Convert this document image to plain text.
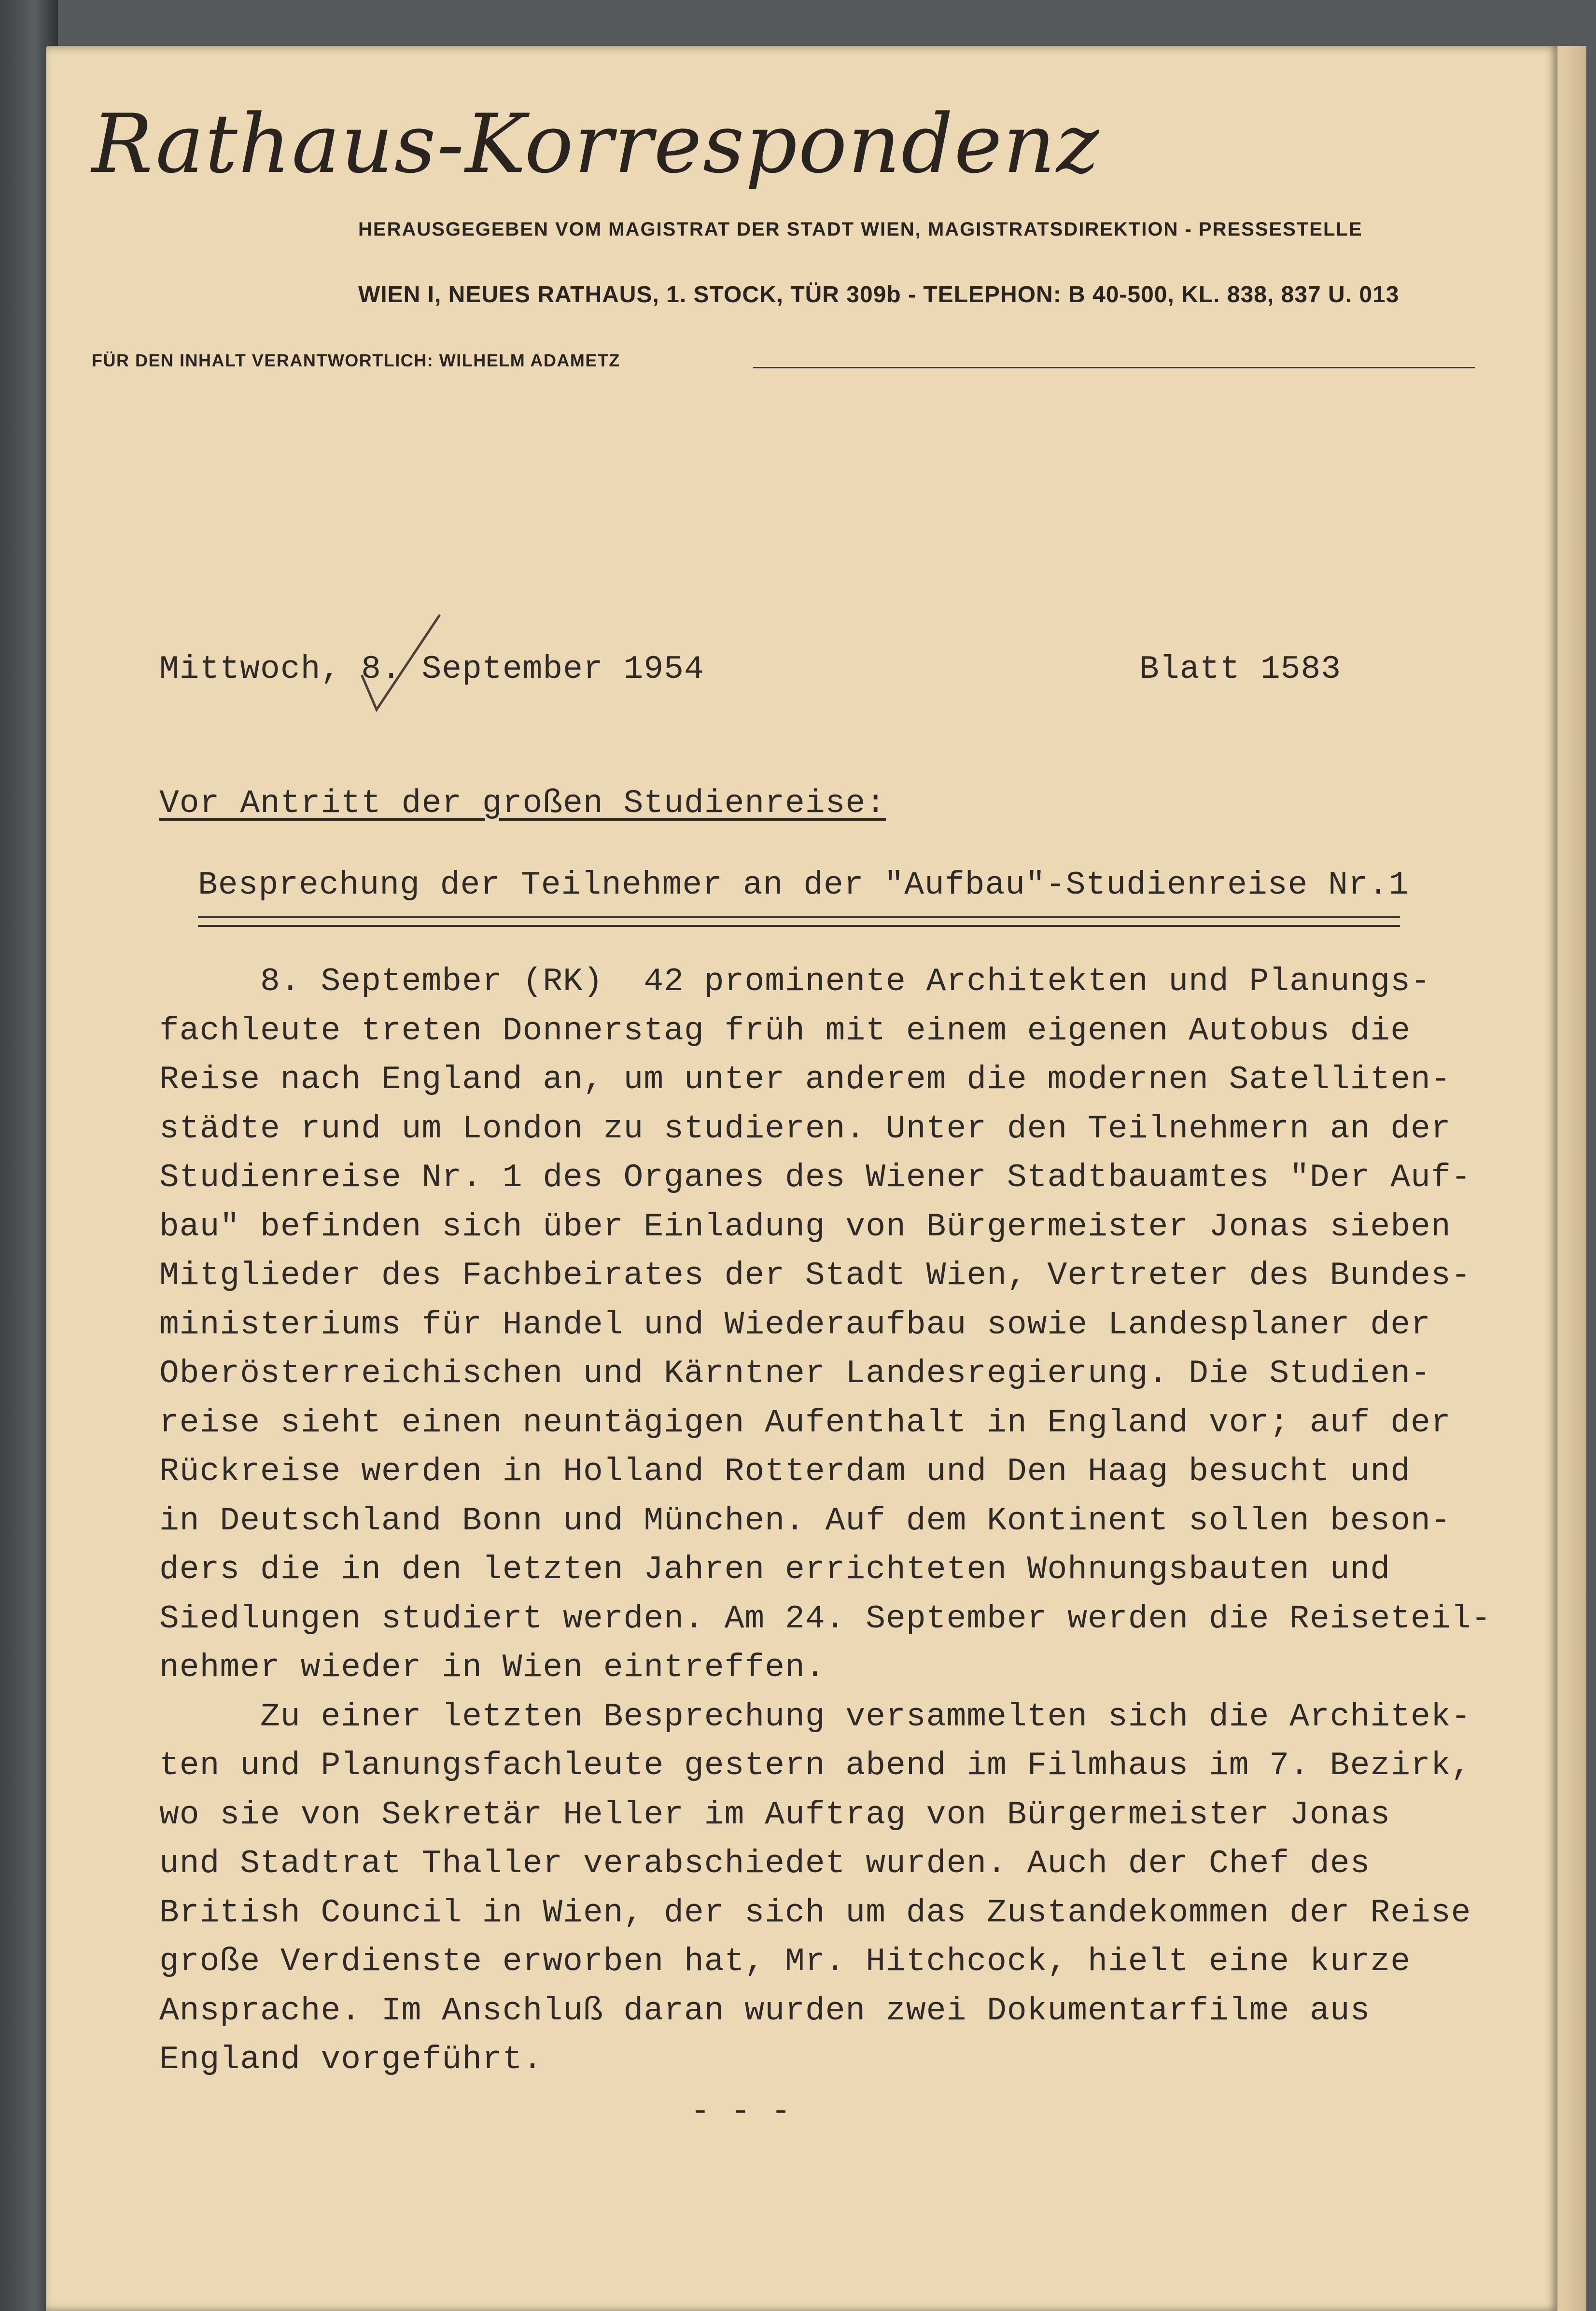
Rathaus-Korrespondenz
HERAUSGEGEBEN VOM MAGISTRAT DER STADT WIEN, MAGISTRATSDIREKTION - PRESSESTELLE
WIEN I, NEUES RATHAUS, 1. STOCK, TÜR 309b - TELEPHON: B 40-500, KL. 838, 837 U. 013
FÜR DEN INHALT VERANTWORTLICH: WILHELM ADAMETZ
Mittwoch, 8. September 1954	Blatt 1583
Vor Antritt der großen Studienreise:
Besprechung der Teilnehmer an der "Aufbau"-Studienreise Nr.1
8. September (RK)  42 prominente Architekten und Planungs-
fachleute treten Donnerstag früh mit einem eigenen Autobus die
Reise nach England an, um unter anderem die modernen Satelliten-
städte rund um London zu studieren. Unter den Teilnehmern an der
Studienreise Nr. 1 des Organes des Wiener Stadtbauamtes "Der Auf-
bau" befinden sich über Einladung von Bürgermeister Jonas sieben
Mitglieder des Fachbeirates der Stadt Wien, Vertreter des Bundes-
ministeriums für Handel und Wiederaufbau sowie Landesplaner der
Oberösterreichischen und Kärntner Landesregierung. Die Studien-
reise sieht einen neuntägigen Aufenthalt in England vor; auf der
Rückreise werden in Holland Rotterdam und Den Haag besucht und
in Deutschland Bonn und München. Auf dem Kontinent sollen beson-
ders die in den letzten Jahren errichteten Wohnungsbauten und
Siedlungen studiert werden. Am 24. September werden die Reiseteil-
nehmer wieder in Wien eintreffen.
Zu einer letzten Besprechung versammelten sich die Architek-
ten und Planungsfachleute gestern abend im Filmhaus im 7. Bezirk,
wo sie von Sekretär Heller im Auftrag von Bürgermeister Jonas
und Stadtrat Thaller verabschiedet wurden. Auch der Chef des
British Council in Wien, der sich um das Zustandekommen der Reise
große Verdienste erworben hat, Mr. Hitchcock, hielt eine kurze
Ansprache. Im Anschluß daran wurden zwei Dokumentarfilme aus
England vorgeführt.
- - -
